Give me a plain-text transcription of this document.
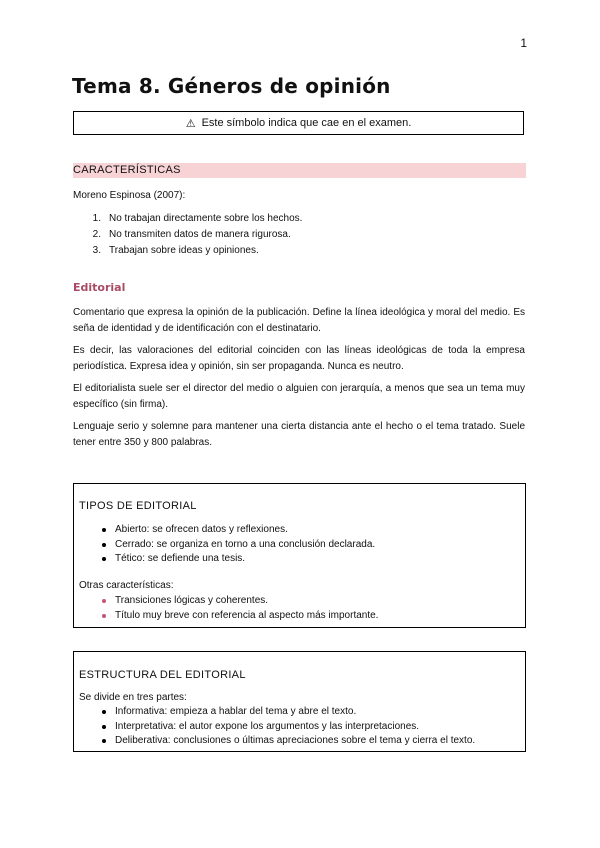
1
Tema 8. Géneros de opinión
⚠ Este símbolo indica que cae en el examen.
CARACTERÍSTICAS

Moreno Espinosa (2007):

1. No trabajan directamente sobre los hechos.
2. No transmiten datos de manera rigurosa.
3. Trabajan sobre ideas y opiniones.
Editorial

Comentario que expresa la opinión de la publicación. Define la línea ideológica y moral del medio. Es seña de identidad y de identificación con el destinatario.

Es decir, las valoraciones del editorial coinciden con las líneas ideológicas de toda la empresa periodística. Expresa idea y opinión, sin ser propaganda. Nunca es neutro.

El editorialista suele ser el director del medio o alguien con jerarquía, a menos que sea un tema muy específico (sin firma).

Lenguaje serio y solemne para mantener una cierta distancia ante el hecho o el tema tratado. Suele tener entre 350 y 800 palabras.

TIPOS DE EDITORIAL
Abierto: se ofrecen datos y reflexiones.
Cerrado: se organiza en torno a una conclusión declarada.
Tético: se defiende una tesis.
Otras características:
Transiciones lógicas y coherentes.
Título muy breve con referencia al aspecto más importante.
ESTRUCTURA DEL EDITORIAL
Se divide en tres partes:
Informativa: empieza a hablar del tema y abre el texto.
Interpretativa: el autor expone los argumentos y las interpretaciones.
Deliberativa: conclusiones o últimas apreciaciones sobre el tema y cierra el texto.
